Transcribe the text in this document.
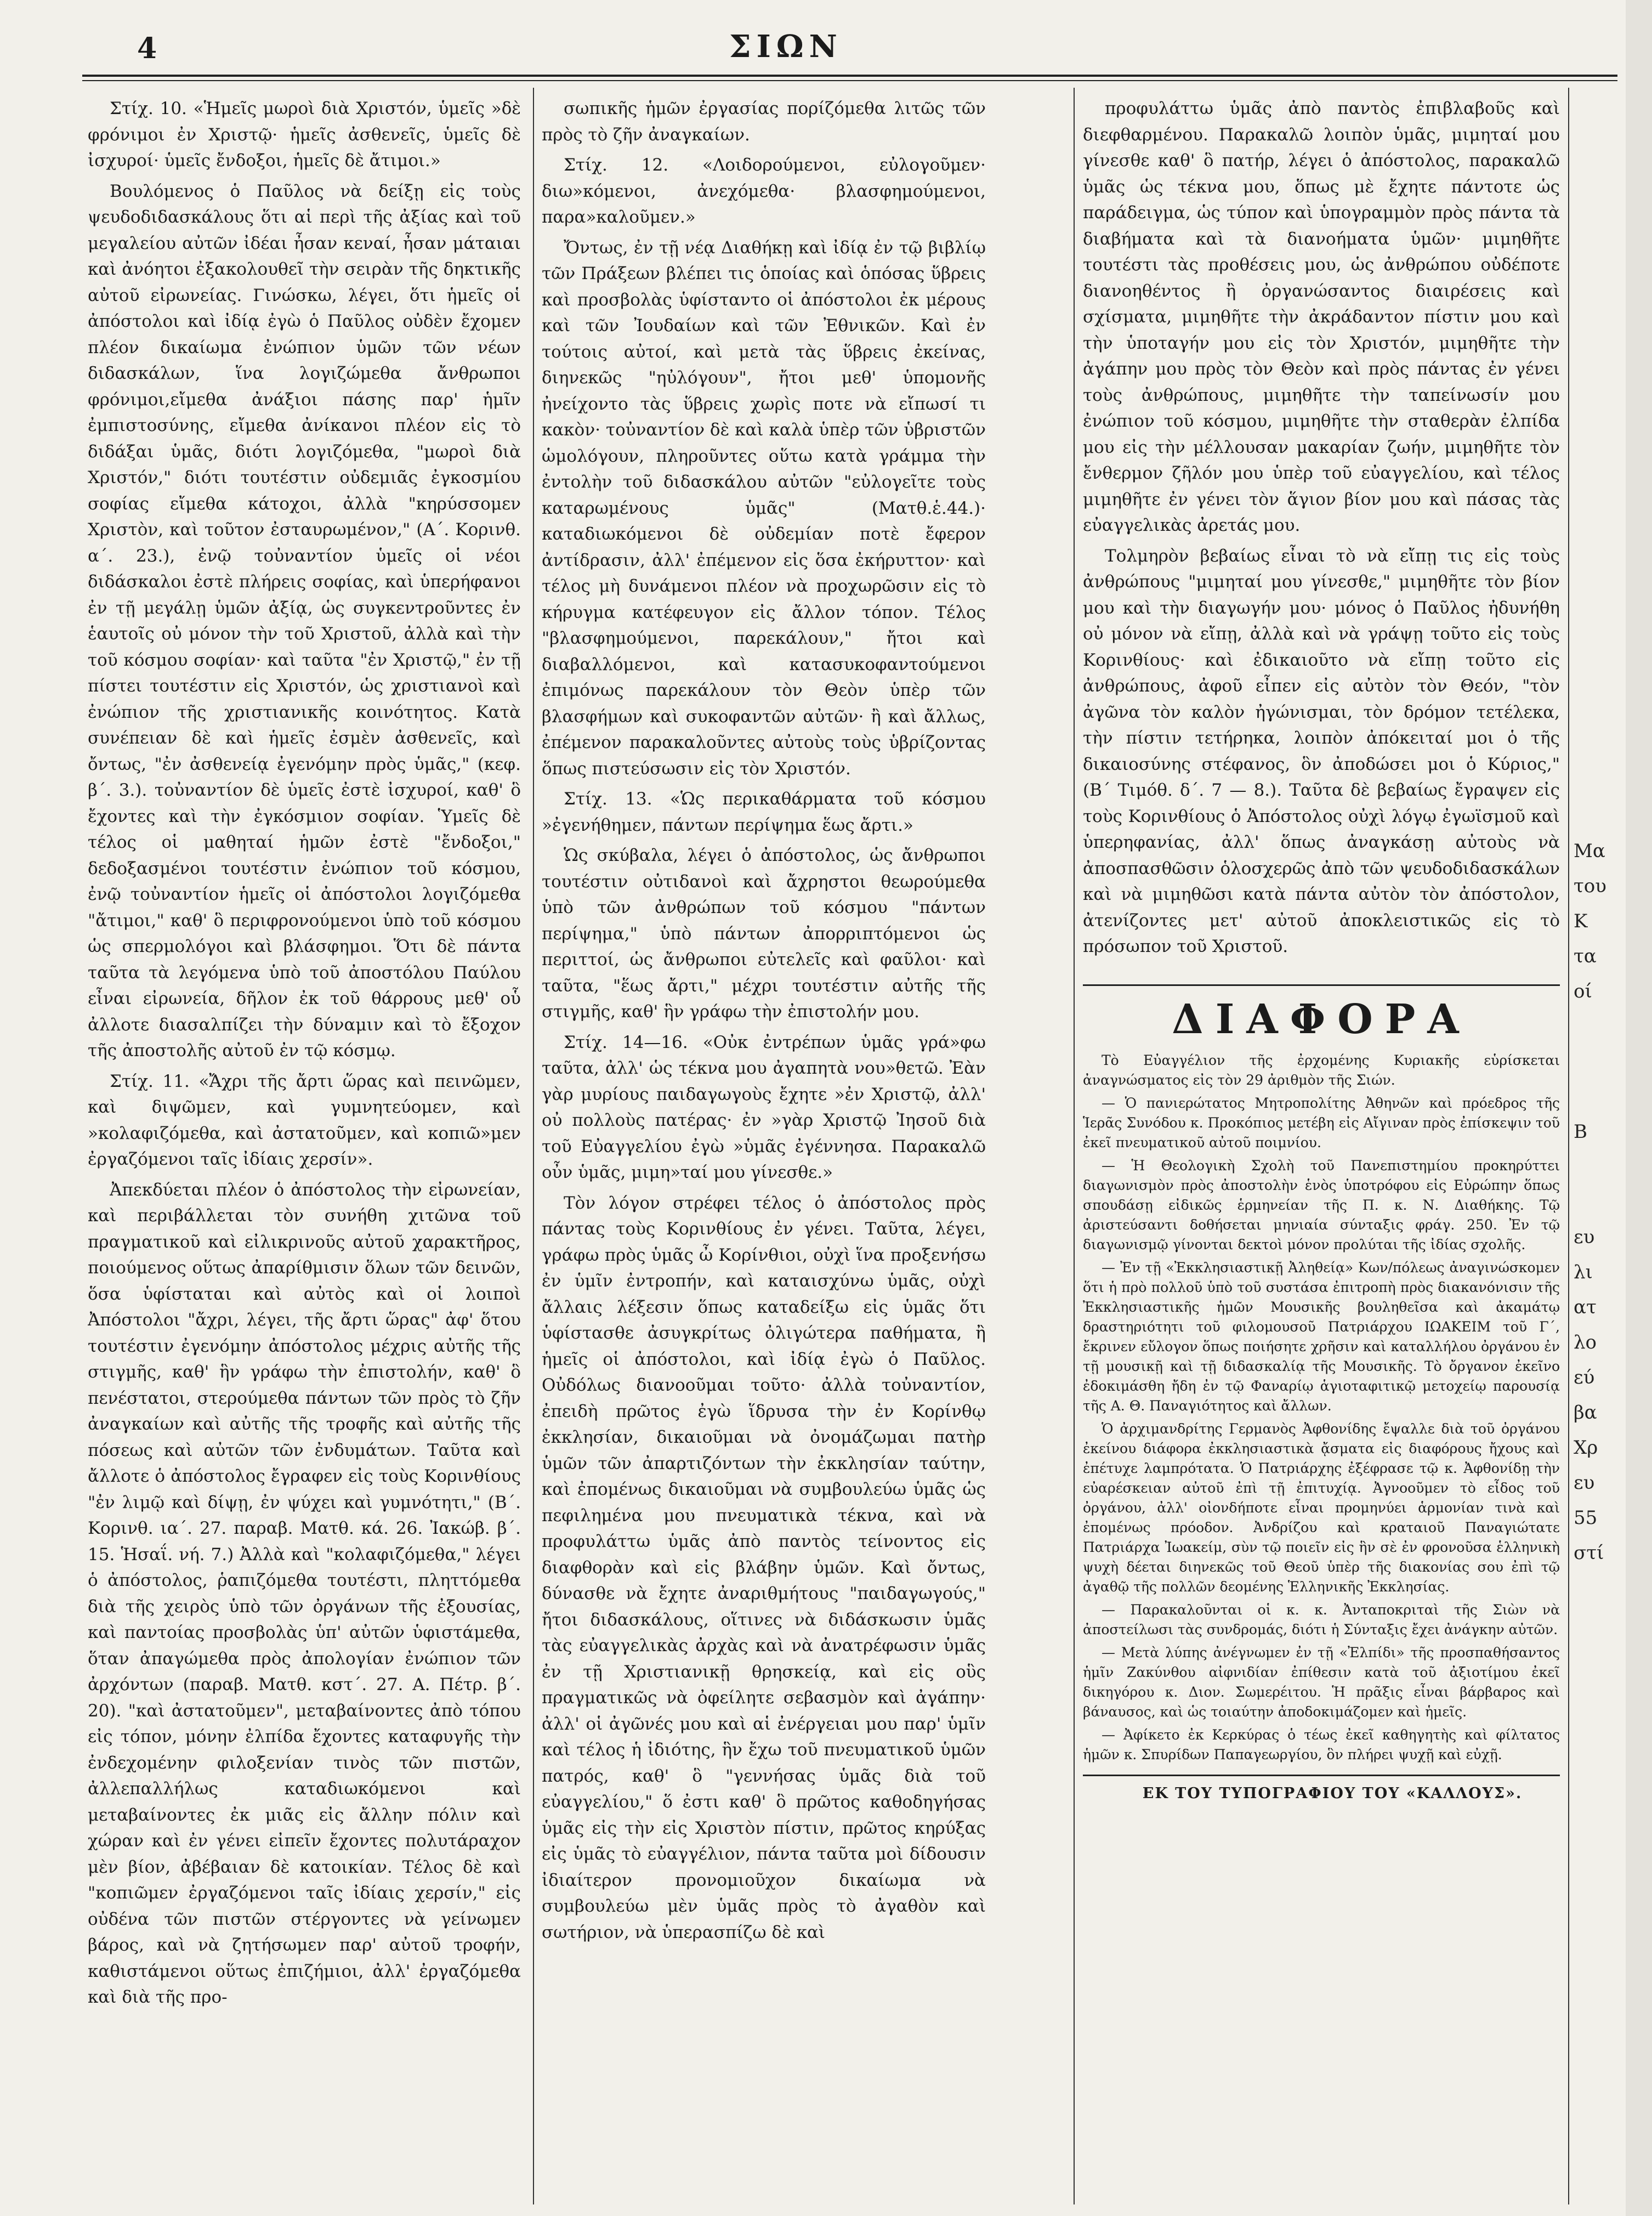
4	ΣΙΩΝ

Στίχ. 10. «Ἡμεῖς μωροὶ διὰ Χριστόν, ὑμεῖς »δὲ φρόνιμοι ἐν Χριστῷ· ἡμεῖς ἀσθενεῖς, ὑμεῖς δὲ ἰσχυροί· ὑμεῖς ἔνδοξοι, ἡμεῖς δὲ ἄτιμοι.»

Βουλόμενος ὁ Παῦλος νὰ δείξῃ εἰς τοὺς ψευδοδιδασκάλους ὅτι αἱ περὶ τῆς ἀξίας καὶ τοῦ μεγαλείου αὐτῶν ἰδέαι ἦσαν κεναί, ἦσαν μάταιαι καὶ ἀνόητοι ἐξακολουθεῖ τὴν σειρὰν τῆς δηκτικῆς αὐτοῦ εἰρωνείας. Γινώσκω, λέγει, ὅτι ἡμεῖς οἱ ἀπόστολοι καὶ ἰδίᾳ ἐγὼ ὁ Παῦλος οὐδὲν ἔχομεν πλέον δικαίωμα ἐνώπιον ὑμῶν τῶν νέων διδασκάλων, ἵνα λογιζώμεθα ἄνθρωποι φρόνιμοι,εἴμεθα ἀνάξιοι πάσης παρ' ἡμῖν ἐμπιστοσύνης, εἴμεθα ἀνίκανοι πλέον εἰς τὸ διδάξαι ὑμᾶς, διότι λογιζόμεθα, "μωροὶ διὰ Χριστόν," διότι τουτέστιν οὐδεμιᾶς ἐγκοσμίου σοφίας εἴμεθα κάτοχοι, ἀλλὰ "κηρύσσομεν Χριστὸν, καὶ τοῦτον ἐσταυρωμένον," (Α΄. Κορινθ. α΄. 23.), ἐνῷ τοὐναντίον ὑμεῖς οἱ νέοι διδάσκαλοι ἐστὲ πλήρεις σοφίας, καὶ ὑπερήφανοι ἐν τῇ μεγάλῃ ὑμῶν ἀξίᾳ, ὡς συγκεντροῦντες ἐν ἑαυτοῖς οὐ μόνον τὴν τοῦ Χριστοῦ, ἀλλὰ καὶ τὴν τοῦ κόσμου σοφίαν· καὶ ταῦτα "ἐν Χριστῷ," ἐν τῇ πίστει τουτέστιν εἰς Χριστόν, ὡς χριστιανοὶ καὶ ἐνώπιον τῆς χριστιανικῆς κοινότητος. Κατὰ συνέπειαν δὲ καὶ ἡμεῖς ἐσμὲν ἀσθενεῖς, καὶ ὄντως, "ἐν ἀσθενείᾳ ἐγενόμην πρὸς ὑμᾶς," (κεφ. β΄. 3.). τοὐναντίον δὲ ὑμεῖς ἐστὲ ἰσχυροί, καθ' ὃ ἔχοντες καὶ τὴν ἐγκόσμιον σοφίαν. Ὑμεῖς δὲ τέλος οἱ μαθηταί ἡμῶν ἐστὲ "ἔνδοξοι," δεδοξασμένοι τουτέστιν ἐνώπιον τοῦ κόσμου, ἐνῷ τοὐναντίον ἡμεῖς οἱ ἀπόστολοι λογιζόμεθα "ἄτιμοι," καθ' ὃ περιφρονούμενοι ὑπὸ τοῦ κόσμου ὡς σπερμολόγοι καὶ βλάσφημοι. Ὅτι δὲ πάντα ταῦτα τὰ λεγόμενα ὑπὸ τοῦ ἀποστόλου Παύλου εἶναι εἰρωνεία, δῆλον ἐκ τοῦ θάρρους μεθ' οὗ ἀλλοτε διασαλπίζει τὴν δύναμιν καὶ τὸ ἔξοχον τῆς ἀποστολῆς αὐτοῦ ἐν τῷ κόσμῳ.

Στίχ. 11. «Ἄχρι τῆς ἄρτι ὥρας καὶ πεινῶμεν, καὶ διψῶμεν, καὶ γυμνητεύομεν, καὶ »κολαφιζόμεθα, καὶ ἀστατοῦμεν, καὶ κοπιῶ»μεν ἐργαζόμενοι ταῖς ἰδίαις χερσίν».

Ἀπεκδύεται πλέον ὁ ἀπόστολος τὴν εἰρωνείαν, καὶ περιβάλλεται τὸν συνήθη χιτῶνα τοῦ πραγματικοῦ καὶ εἰλικρινοῦς αὐτοῦ χαρακτῆρος, ποιούμενος οὕτως ἀπαρίθμισιν ὅλων τῶν δεινῶν, ὅσα ὑφίσταται καὶ αὐτὸς καὶ οἱ λοιποὶ Ἀπόστολοι "ἄχρι, λέγει, τῆς ἄρτι ὥρας" ἀφ' ὅτου τουτέστιν ἐγενόμην ἀπόστολος μέχρις αὐτῆς τῆς στιγμῆς, καθ' ἣν γράφω τὴν ἐπιστολήν, καθ' ὃ πενέστατοι, στερούμεθα πάντων τῶν πρὸς τὸ ζῆν ἀναγκαίων καὶ αὐτῆς τῆς τροφῆς καὶ αὐτῆς τῆς πόσεως καὶ αὐτῶν τῶν ἐνδυμάτων. Ταῦτα καὶ ἄλλοτε ὁ ἀπόστολος ἔγραφεν εἰς τοὺς Κορινθίους "ἐν λιμῷ καὶ δίψῃ, ἐν ψύχει καὶ γυμνότητι," (Β΄. Κορινθ. ια΄. 27. παραβ. Ματθ. κά. 26. Ἰακώβ. β΄. 15. Ἡσαΐ. νή. 7.) Ἀλλὰ καὶ "κολαφιζόμεθα," λέγει ὁ ἀπόστολος, ῥαπιζόμεθα τουτέστι, πληττόμεθα διὰ τῆς χειρὸς ὑπὸ τῶν ὀργάνων τῆς ἐξουσίας, καὶ παντοίας προσβολὰς ὑπ' αὐτῶν ὑφιστάμεθα, ὅταν ἀπαγώμεθα πρὸς ἀπολογίαν ἐνώπιον τῶν ἀρχόντων (παραβ. Ματθ. κστ΄. 27. Α. Πέτρ. β΄. 20). "καὶ ἀστατοῦμεν", μεταβαίνοντες ἀπὸ τόπου εἰς τόπον, μόνην ἐλπίδα ἔχοντες καταφυγῆς τὴν ἐνδεχομένην φιλοξενίαν τινὸς τῶν πιστῶν, ἀλλεπαλλήλως καταδιωκόμενοι καὶ μεταβαίνοντες ἐκ μιᾶς εἰς ἄλλην πόλιν καὶ χώραν καὶ ἐν γένει εἰπεῖν ἔχοντες πολυτάραχον μὲν βίον, ἀβέβαιαν δὲ κατοικίαν. Τέλος δὲ καὶ "κοπιῶμεν ἐργαζόμενοι ταῖς ἰδίαις χερσίν," εἰς οὐδένα τῶν πιστῶν στέργοντες νὰ γείνωμεν βάρος, καὶ νὰ ζητήσωμεν παρ' αὐτοῦ τροφήν, καθιστάμενοι οὕτως ἐπιζήμιοι, ἀλλ' ἐργαζόμεθα καὶ διὰ τῆς προ-

σωπικῆς ἡμῶν ἐργασίας πορίζόμεθα λιτῶς τῶν πρὸς τὸ ζῆν ἀναγκαίων.

Στίχ. 12. «Λοιδορούμενοι, εὐλογοῦμεν· διω»κόμενοι, ἀνεχόμεθα· βλασφημούμενοι, παρα»καλοῦμεν.»

Ὄντως, ἐν τῇ νέᾳ Διαθήκῃ καὶ ἰδίᾳ ἐν τῷ βιβλίῳ τῶν Πράξεων βλέπει τις ὁποίας καὶ ὁπόσας ὕβρεις καὶ προσβολὰς ὑφίσταντο οἱ ἀπόστολοι ἐκ μέρους καὶ τῶν Ἰουδαίων καὶ τῶν Ἐθνικῶν. Καὶ ἐν τούτοις αὐτοί, καὶ μετὰ τὰς ὕβρεις ἐκείνας, διηνεκῶς "ηὐλόγουν", ἤτοι μεθ' ὑπομονῆς ἠνείχοντο τὰς ὕβρεις χωρὶς ποτε νὰ εἴπωσί τι κακὸν· τοὐναντίον δὲ καὶ καλὰ ὑπὲρ τῶν ὑβριστῶν ὡμολόγουν, πληροῦντες οὕτω κατὰ γράμμα τὴν ἐντολὴν τοῦ διδασκάλου αὐτῶν "εὐλογεῖτε τοὺς καταρωμένους ὑμᾶς" (Ματθ.ἑ.44.)· καταδιωκόμενοι δὲ οὐδεμίαν ποτὲ ἔφερον ἀντίδρασιν, ἀλλ' ἐπέμενον εἰς ὅσα ἐκήρυττον· καὶ τέλος μὴ δυνάμενοι πλέον νὰ προχωρῶσιν εἰς τὸ κήρυγμα κατέφευγον εἰς ἄλλον τόπον. Τέλος "βλασφημούμενοι, παρεκάλουν," ἤτοι καὶ διαβαλλόμενοι, καὶ κατασυκοφαντούμενοι ἐπιμόνως παρεκάλουν τὸν Θεὸν ὑπὲρ τῶν βλασφήμων καὶ συκοφαντῶν αὐτῶν· ἢ καὶ ἄλλως, ἐπέμενον παρακαλοῦντες αὐτοὺς τοὺς ὑβρίζοντας ὅπως πιστεύσωσιν εἰς τὸν Χριστόν.

Στίχ. 13. «Ὡς περικαθάρματα τοῦ κόσμου »ἐγενήθημεν, πάντων περίψημα ἕως ἄρτι.»

Ὡς σκύβαλα, λέγει ὁ ἀπόστολος, ὡς ἄνθρωποι τουτέστιν οὐτιδανοὶ καὶ ἄχρηστοι θεωρούμεθα ὑπὸ τῶν ἀνθρώπων τοῦ κόσμου "πάντων περίψημα," ὑπὸ πάντων ἀπορριπτόμενοι ὡς περιττοί, ὡς ἄνθρωποι εὐτελεῖς καὶ φαῦλοι· καὶ ταῦτα, "ἕως ἄρτι," μέχρι τουτέστιν αὐτῆς τῆς στιγμῆς, καθ' ἣν γράφω τὴν ἐπιστολήν μου.

Στίχ. 14—16. «Οὐκ ἐντρέπων ὑμᾶς γρά»φω ταῦτα, ἀλλ' ὡς τέκνα μου ἀγαπητὰ νου»θετῶ. Ἐὰν γὰρ μυρίους παιδαγωγοὺς ἔχητε »ἐν Χριστῷ, ἀλλ' οὐ πολλοὺς πατέρας· ἐν »γὰρ Χριστῷ Ἰησοῦ διὰ τοῦ Εὐαγγελίου ἐγὼ »ὑμᾶς ἐγέννησα. Παρακαλῶ οὖν ὑμᾶς, μιμη»ταί μου γίνεσθε.»

Τὸν λόγον στρέφει τέλος ὁ ἀπόστολος πρὸς πάντας τοὺς Κορινθίους ἐν γένει. Ταῦτα, λέγει, γράφω πρὸς ὑμᾶς ὦ Κορίνθιοι, οὐχὶ ἵνα προξενήσω ἐν ὑμῖν ἐντροπήν, καὶ καταισχύνω ὑμᾶς, οὐχὶ ἄλλαις λέξεσιν ὅπως καταδείξω εἰς ὑμᾶς ὅτι ὑφίστασθε ἀσυγκρίτως ὀλιγώτερα παθήματα, ἢ ἡμεῖς οἱ ἀπόστολοι, καὶ ἰδίᾳ ἐγὼ ὁ Παῦλος. Οὐδόλως διανοοῦμαι τοῦτο· ἀλλὰ τοὐναντίον, ἐπειδὴ πρῶτος ἐγὼ ἵδρυσα τὴν ἐν Κορίνθῳ ἐκκλησίαν, δικαιοῦμαι νὰ ὀνομάζωμαι πατὴρ ὑμῶν τῶν ἀπαρτιζόντων τὴν ἐκκλησίαν ταύτην, καὶ ἐπομένως δικαιοῦμαι νὰ συμβουλεύω ὑμᾶς ὡς πεφιλημένα μου πνευματικὰ τέκνα, καὶ νὰ προφυλάττω ὑμᾶς ἀπὸ παντὸς τείνοντος εἰς διαφθορὰν καὶ εἰς βλάβην ὑμῶν. Καὶ ὄντως, δύνασθε νὰ ἔχητε ἀναριθμήτους "παιδαγωγούς," ἤτοι διδασκάλους, οἵτινες νὰ διδάσκωσιν ὑμᾶς τὰς εὐαγγελικὰς ἀρχὰς καὶ νὰ ἀνατρέφωσιν ὑμᾶς ἐν τῇ Χριστιανικῇ θρησκείᾳ, καὶ εἰς οὓς πραγματικῶς νὰ ὀφείλητε σεβασμὸν καὶ ἀγάπην· ἀλλ' οἱ ἀγῶνές μου καὶ αἱ ἐνέργειαι μου παρ' ὑμῖν καὶ τέλος ἡ ἰδιότης, ἣν ἔχω τοῦ πνευματικοῦ ὑμῶν πατρός, καθ' ὃ "γεννήσας ὑμᾶς διὰ τοῦ εὐαγγελίου," ὅ ἐστι καθ' ὃ πρῶτος καθοδηγήσας ὑμᾶς εἰς τὴν εἰς Χριστὸν πίστιν, πρῶτος κηρύξας εἰς ὑμᾶς τὸ εὐαγγέλιον, πάντα ταῦτα μοὶ δίδουσιν ἰδιαίτερον προνομιοῦχον δικαίωμα νὰ συμβουλεύω μὲν ὑμᾶς πρὸς τὸ ἀγαθὸν καὶ σωτήριον, νὰ ὑπερασπίζω δὲ καὶ

προφυλάττω ὑμᾶς ἀπὸ παντὸς ἐπιβλαβοῦς καὶ διεφθαρμένου. Παρακαλῶ λοιπὸν ὑμᾶς, μιμηταί μου γίνεσθε καθ' ὃ πατήρ, λέγει ὁ ἀπόστολος, παρακαλῶ ὑμᾶς ὡς τέκνα μου, ὅπως μὲ ἔχητε πάντοτε ὡς παράδειγμα, ὡς τύπον καὶ ὑπογραμμὸν πρὸς πάντα τὰ διαβήματα καὶ τὰ διανοήματα ὑμῶν· μιμηθῆτε τουτέστι τὰς προθέσεις μου, ὡς ἀνθρώπου οὐδέποτε διανοηθέντος ἢ ὀργανώσαντος διαιρέσεις καὶ σχίσματα, μιμηθῆτε τὴν ἀκράδαντον πίστιν μου καὶ τὴν ὑποταγήν μου εἰς τὸν Χριστόν, μιμηθῆτε τὴν ἀγάπην μου πρὸς τὸν Θεὸν καὶ πρὸς πάντας ἐν γένει τοὺς ἀνθρώπους, μιμηθῆτε τὴν ταπείνωσίν μου ἐνώπιον τοῦ κόσμου, μιμηθῆτε τὴν σταθερὰν ἐλπίδα μου εἰς τὴν μέλλουσαν μακαρίαν ζωήν, μιμηθῆτε τὸν ἔνθερμον ζῆλόν μου ὑπὲρ τοῦ εὐαγγελίου, καὶ τέλος μιμηθῆτε ἐν γένει τὸν ἅγιον βίον μου καὶ πάσας τὰς εὐαγγελικὰς ἀρετάς μου.

Τολμηρὸν βεβαίως εἶναι τὸ νὰ εἴπῃ τις εἰς τοὺς ἀνθρώπους "μιμηταί μου γίνεσθε," μιμηθῆτε τὸν βίον μου καὶ τὴν διαγωγήν μου· μόνος ὁ Παῦλος ἠδυνήθη οὐ μόνον νὰ εἴπῃ, ἀλλὰ καὶ νὰ γράψῃ τοῦτο εἰς τοὺς Κορινθίους· καὶ ἐδικαιοῦτο νὰ εἴπῃ τοῦτο εἰς ἀνθρώπους, ἀφοῦ εἶπεν εἰς αὐτὸν τὸν Θεόν, "τὸν ἀγῶνα τὸν καλὸν ἠγώνισμαι, τὸν δρόμον τετέλεκα, τὴν πίστιν τετήρηκα, λοιπὸν ἀπόκειταί μοι ὁ τῆς δικαιοσύνης στέφανος, ὃν ἀποδώσει μοι ὁ Κύριος," (Β΄ Τιμόθ. δ΄. 7 — 8.). Ταῦτα δὲ βεβαίως ἔγραψεν εἰς τοὺς Κορινθίους ὁ Ἀπόστολος οὐχὶ λόγῳ ἐγωϊσμοῦ καὶ ὑπερηφανίας, ἀλλ' ὅπως ἀναγκάσῃ αὐτοὺς νὰ ἀποσπασθῶσιν ὁλοσχερῶς ἀπὸ τῶν ψευδοδιδασκάλων καὶ νὰ μιμηθῶσι κατὰ πάντα αὐτὸν τὸν ἀπόστολον, ἀτενίζοντες μετ' αὐτοῦ ἀποκλειστικῶς εἰς τὸ πρόσωπον τοῦ Χριστοῦ.

ΔΙΑΦΟΡΑ

Τὸ Εὐαγγέλιον τῆς ἐρχομένης Κυριακῆς εὑρίσκεται ἀναγνώσματος εἰς τὸν 29 ἀριθμὸν τῆς Σιών.

— Ὁ πανιερώτατος Μητροπολίτης Ἀθηνῶν καὶ πρόεδρος τῆς Ἱερᾶς Συνόδου κ. Προκόπιος μετέβη εἰς Αἴγιναν πρὸς ἐπίσκεψιν τοῦ ἐκεῖ πνευματικοῦ αὐτοῦ ποιμνίου.

— Ἡ Θεολογικὴ Σχολὴ τοῦ Πανεπιστημίου προκηρύττει διαγωνισμὸν πρὸς ἀποστολὴν ἑνὸς ὑποτρόφου εἰς Εὐρώπην ὅπως σπουδάσῃ εἰδικῶς ἑρμηνείαν τῆς Π. κ. Ν. Διαθήκης. Τῷ ἀριστεύσαντι δοθήσεται μηνιαία σύνταξις φράγ. 250. Ἐν τῷ διαγωνισμῷ γίνονται δεκτοὶ μόνον προλύται τῆς ἰδίας σχολῆς.

— Ἐν τῇ «Ἐκκλησιαστικῇ Ἀληθείᾳ» Κων/πόλεως ἀναγινώσκομεν ὅτι ἡ πρὸ πολλοῦ ὑπὸ τοῦ συστάσα ἐπιτροπὴ πρὸς διακανόνισιν τῆς Ἐκκλησιαστικῆς ἡμῶν Μουσικῆς βουληθεῖσα καὶ ἀκαμάτῳ δραστηριότητι τοῦ φιλομουσοῦ Πατριάρχου ΙΩΑΚΕΙΜ τοῦ Γ΄, ἔκρινεν εὔλογον ὅπως ποιήσητε χρῆσιν καὶ καταλλήλου ὀργάνου ἐν τῇ μουσικῇ καὶ τῇ διδασκαλίᾳ τῆς Μουσικῆς. Τὸ ὄργανον ἐκεῖνο ἐδοκιμάσθη ἤδη ἐν τῷ Φαναρίῳ ἁγιοταφιτικῷ μετοχείῳ παρουσίᾳ τῆς Α. Θ. Παναγιότητος καὶ ἄλλων.

Ὁ ἀρχιμανδρίτης Γερμανὸς Ἀφθονίδης ἔψαλλε διὰ τοῦ ὀργάνου ἐκείνου διάφορα ἐκκλησιαστικὰ ᾄσματα εἰς διαφόρους ἤχους καὶ ἐπέτυχε λαμπρότατα. Ὁ Πατριάρχης ἐξέφρασε τῷ κ. Ἀφθονίδῃ τὴν εὐαρέσκειαν αὐτοῦ ἐπὶ τῇ ἐπιτυχίᾳ. Ἀγνοοῦμεν τὸ εἶδος τοῦ ὀργάνου, ἀλλ' οἰονδήποτε εἶναι προμηνύει ἁρμονίαν τινὰ καὶ ἐπομένως πρόοδον. Ἀνδρίζου καὶ κραταιοῦ Παναγιώτατε Πατριάρχα Ἰωακείμ, σὺν τῷ ποιεῖν εἰς ἣν σὲ ἐν φρονοῦσα ἑλληνικὴ ψυχὴ δέεται διηνεκῶς τοῦ Θεοῦ ὑπὲρ τῆς διακονίας σου ἐπὶ τῷ ἀγαθῷ τῆς πολλῶν δεομένης Ἑλληνικῆς Ἐκκλησίας.

— Παρακαλοῦνται οἱ κ. κ. Ἀνταποκριταὶ τῆς Σιὼν νὰ ἀποστείλωσι τὰς συνδρομάς, διότι ἡ Σύνταξις ἔχει ἀνάγκην αὐτῶν.

— Μετὰ λύπης ἀνέγνωμεν ἐν τῇ «Ἐλπίδι» τῆς προσπαθήσαντος ἡμῖν Ζακύνθου αἰφνιδίαν ἐπίθεσιν κατὰ τοῦ ἀξιοτίμου ἐκεῖ δικηγόρου κ. Διον. Σωμερέιτου. Ἡ πρᾶξις εἶναι βάρβαρος καὶ βάναυσος, καὶ ὡς τοιαύτην ἀποδοκιμάζομεν καὶ ἡμεῖς.

— Ἀφίκετο ἐκ Κερκύρας ὁ τέως ἐκεῖ καθηγητὴς καὶ φίλτατος ἡμῶν κ. Σπυρίδων Παπαγεωργίου, ὃν πλήρει ψυχῇ καὶ εὐχῇ.

ΕΚ ΤΟΥ ΤΥΠΟΓΡΑΦΙΟΥ ΤΟΥ «ΚΑΛΛΟΥΣ».

Μα
του
Κ
τα
οί

Β

ευ
λι
ατ
λο
εύ
βα
Χρ
ευ
55
στί
